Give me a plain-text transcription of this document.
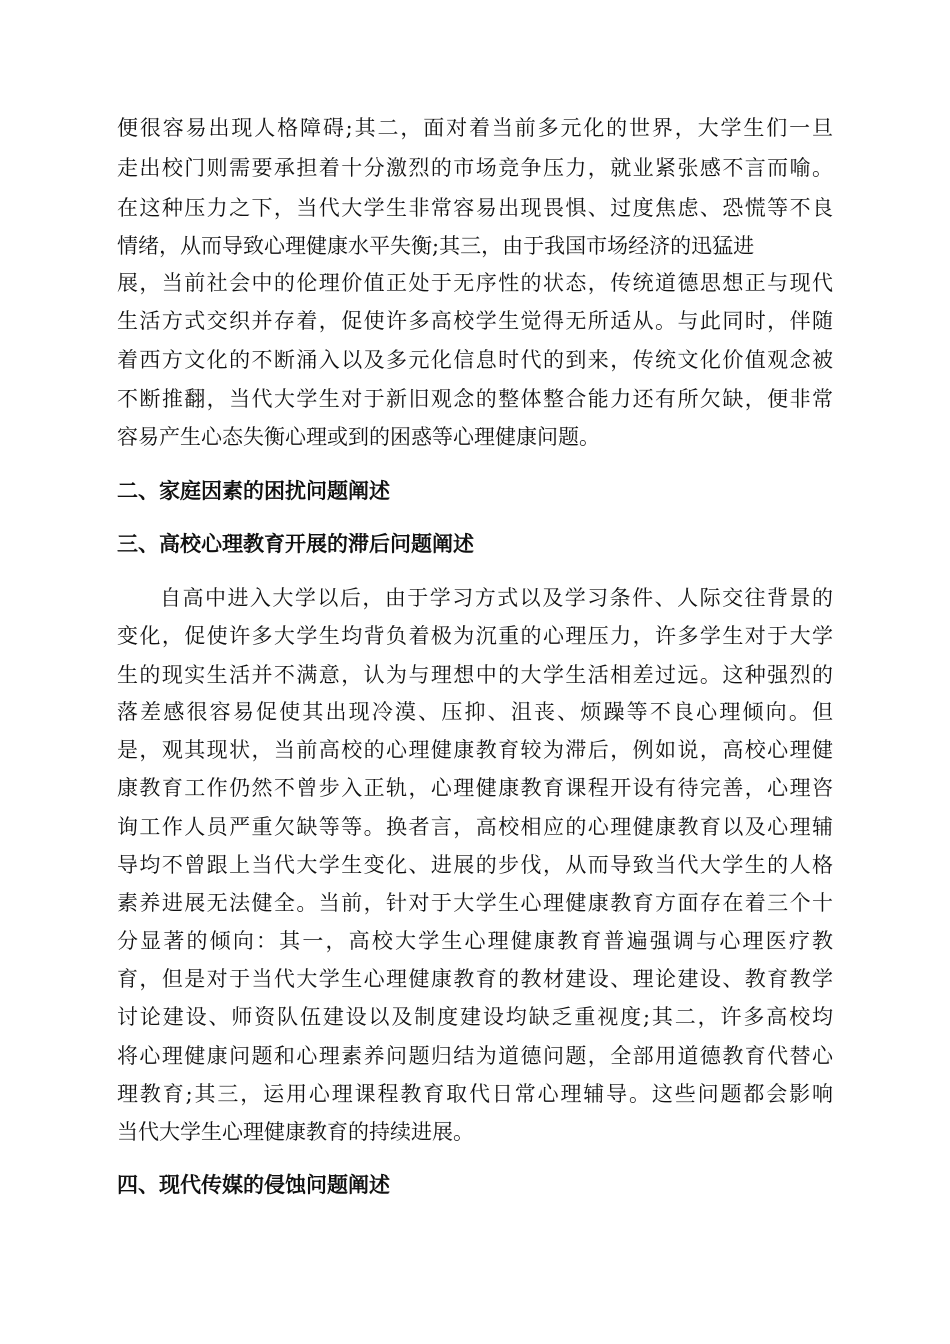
便很容易出现人格障碍;其二，面对着当前多元化的世界，大学生们一旦
走出校门则需要承担着十分激烈的市场竞争压力，就业紧张感不言而喻。
在这种压力之下，当代大学生非常容易出现畏惧、过度焦虑、恐慌等不良
情绪，从而导致心理健康水平失衡;其三，由于我国市场经济的迅猛进
展，当前社会中的伦理价值正处于无序性的状态，传统道德思想正与现代
生活方式交织并存着，促使许多高校学生觉得无所适从。与此同时，伴随
着西方文化的不断涌入以及多元化信息时代的到来，传统文化价值观念被
不断推翻，当代大学生对于新旧观念的整体整合能力还有所欠缺，便非常
容易产生心态失衡心理或到的困惑等心理健康问题。
二、家庭因素的困扰问题阐述
三、高校心理教育开展的滞后问题阐述
自高中进入大学以后，由于学习方式以及学习条件、人际交往背景的
变化，促使许多大学生均背负着极为沉重的心理压力，许多学生对于大学
生的现实生活并不满意，认为与理想中的大学生活相差过远。这种强烈的
落差感很容易促使其出现冷漠、压抑、沮丧、烦躁等不良心理倾向。但
是，观其现状，当前高校的心理健康教育较为滞后，例如说，高校心理健
康教育工作仍然不曾步入正轨，心理健康教育课程开设有待完善，心理咨
询工作人员严重欠缺等等。换者言，高校相应的心理健康教育以及心理辅
导均不曾跟上当代大学生变化、进展的步伐，从而导致当代大学生的人格
素养进展无法健全。当前，针对于大学生心理健康教育方面存在着三个十
分显著的倾向：其一，高校大学生心理健康教育普遍强调与心理医疗教
育，但是对于当代大学生心理健康教育的教材建设、理论建设、教育教学
讨论建设、师资队伍建设以及制度建设均缺乏重视度;其二，许多高校均
将心理健康问题和心理素养问题归结为道德问题，全部用道德教育代替心
理教育;其三，运用心理课程教育取代日常心理辅导。这些问题都会影响
当代大学生心理健康教育的持续进展。
四、现代传媒的侵蚀问题阐述
